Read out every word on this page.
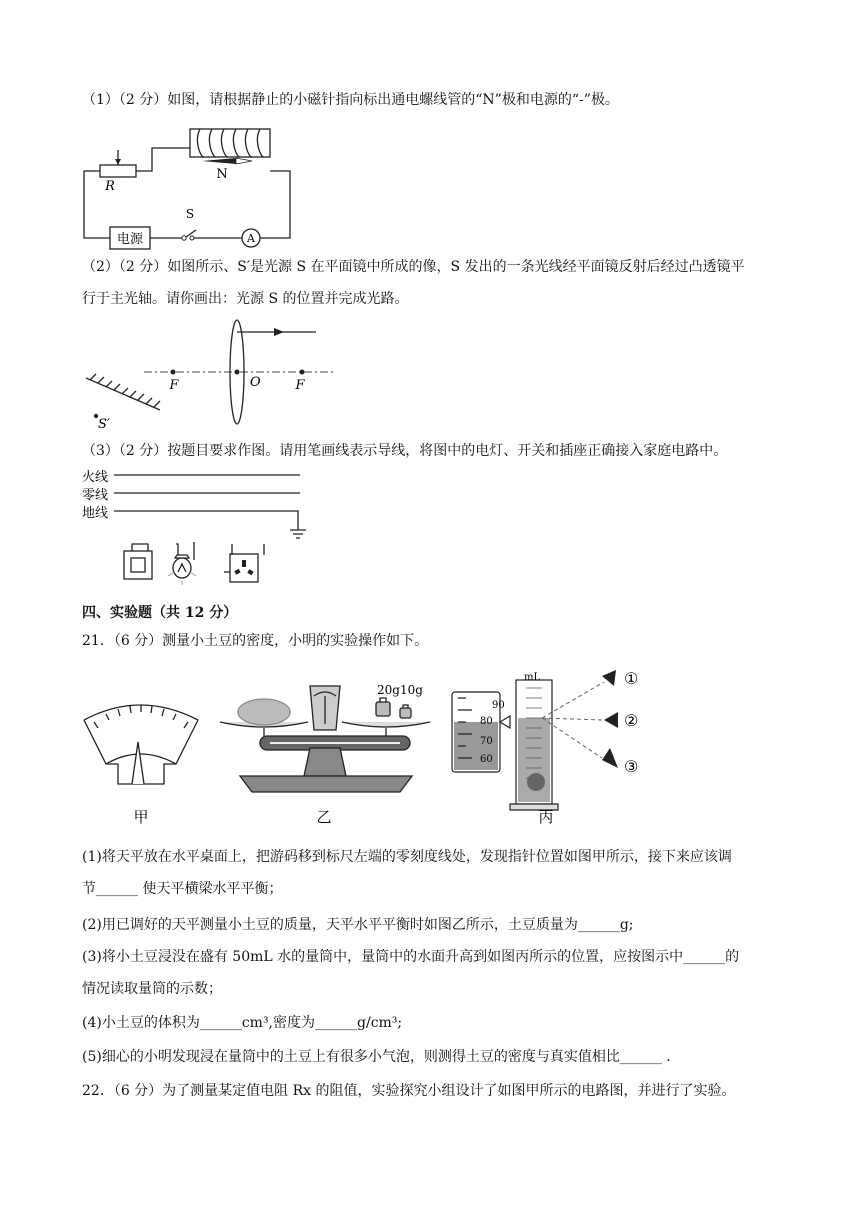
（1）（2 分）如图，请根据静止的小磁针指向标出通电螺线管的“N”极和电源的“-”极。
R
N
电源
S
A
（2）（2 分）如图所示、S′是光源 S 在平面镜中所成的像，S 发出的一条光线经平面镜反射后经过凸透镜平
行于主光轴。请你画出：光源 S 的位置并完成光路。
F	O	F
S′
（3）（2 分）按题目要求作图。请用笔画线表示导线，将图中的电灯、开关和插座正确接入家庭电路中。
火线
零线
地线
四、实验题（共 12 分）
21．（6 分）测量小土豆的密度，小明的实验操作如下。
甲
20g 10g
乙
90
80
70
60
mL	①
②
③
丙
(1)将天平放在水平桌面上，把游码移到标尺左端的零刻度线处，发现指针位置如图甲所示，接下来应该调
节______ 使天平横梁水平平衡；
(2)用已调好的天平测量小土豆的质量，天平水平平衡时如图乙所示，土豆质量为______g;
(3)将小土豆浸没在盛有 50mL 水的量筒中，量筒中的水面升高到如图丙所示的位置，应按图示中______的
情况读取量筒的示数；
(4)小土豆的体积为______cm³,密度为______g/cm³;
(5)细心的小明发现浸在量筒中的土豆上有很多小气泡，则测得土豆的密度与真实值相比______ .
22．（6 分）为了测量某定值电阻 Rx 的阻值，实验探究小组设计了如图甲所示的电路图，并进行了实验。
